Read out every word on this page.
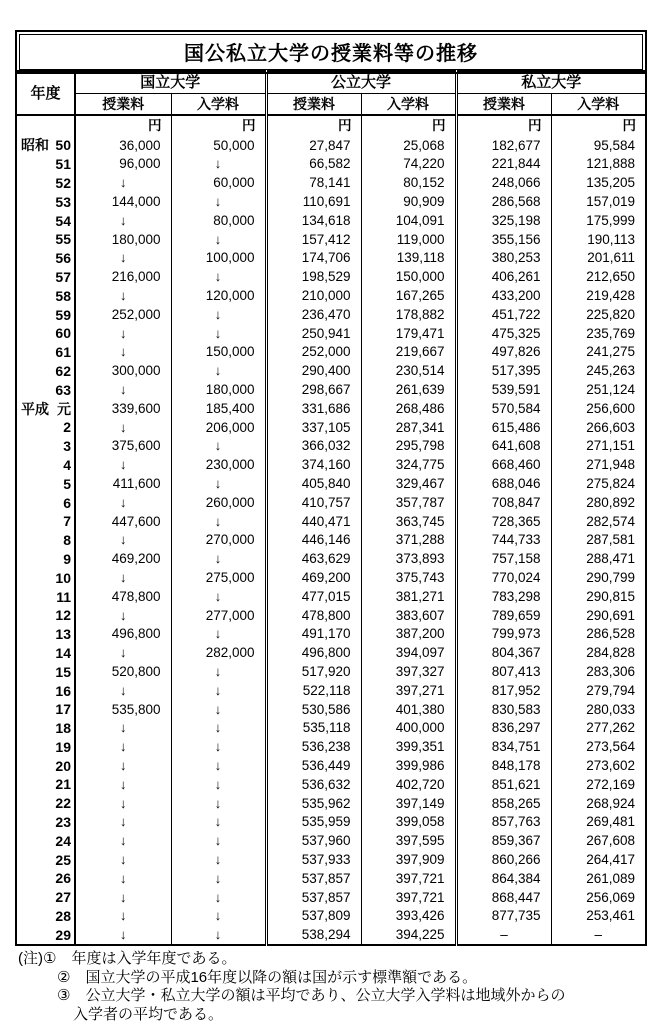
国公私立大学の授業料等の推移
年度	国立大学		公立大学		私立大学	
	授業料	入学料	授業料	入学料	授業料	入学料
	円	円	円	円	円	円

昭和 50	36,000	50,000	27,847	25,068	182,677	95,584

51	96,000	↓	66,582	74,220	221,844	121,888

52	↓	60,000	78,141	80,152	248,066	135,205

53	144,000	↓	110,691	90,909	286,568	157,019

54	↓	80,000	134,618	104,091	325,198	175,999

55	180,000	↓	157,412	119,000	355,156	190,113

56	↓	100,000	174,706	139,118	380,253	201,611

57	216,000	↓	198,529	150,000	406,261	212,650

58	↓	120,000	210,000	167,265	433,200	219,428

59	252,000	↓	236,470	178,882	451,722	225,820

60	↓	↓	250,941	179,471	475,325	235,769

61	↓	150,000	252,000	219,667	497,826	241,275

62	300,000	↓	290,400	230,514	517,395	245,263

63	↓	180,000	298,667	261,639	539,591	251,124

平成 元	339,600	185,400	331,686	268,486	570,584	256,600

2	↓	206,000	337,105	287,341	615,486	266,603

3	375,600	↓	366,032	295,798	641,608	271,151

4	↓	230,000	374,160	324,775	668,460	271,948

5	411,600	↓	405,840	329,467	688,046	275,824

6	↓	260,000	410,757	357,787	708,847	280,892

7	447,600	↓	440,471	363,745	728,365	282,574

8	↓	270,000	446,146	371,288	744,733	287,581

9	469,200	↓	463,629	373,893	757,158	288,471

10	↓	275,000	469,200	375,743	770,024	290,799

11	478,800	↓	477,015	381,271	783,298	290,815

12	↓	277,000	478,800	383,607	789,659	290,691

13	496,800	↓	491,170	387,200	799,973	286,528

14	↓	282,000	496,800	394,097	804,367	284,828

15	520,800	↓	517,920	397,327	807,413	283,306

16	↓	↓	522,118	397,271	817,952	279,794

17	535,800	↓	530,586	401,380	830,583	280,033

18	↓	↓	535,118	400,000	836,297	277,262

19	↓	↓	536,238	399,351	834,751	273,564

20	↓	↓	536,449	399,986	848,178	273,602

21	↓	↓	536,632	402,720	851,621	272,169

22	↓	↓	535,962	397,149	858,265	268,924

23	↓	↓	535,959	399,058	857,763	269,481

24	↓	↓	537,960	397,595	859,367	267,608

25	↓	↓	537,933	397,909	860,266	264,417

26	↓	↓	537,857	397,721	864,384	261,089

27	↓	↓	537,857	397,721	868,447	256,069

28	↓	↓	537,809	393,426	877,735	253,461

29	↓	↓	538,294	394,225	–	–
(注)①　年度は入学年度である。
②　国立大学の平成16年度以降の額は国が示す標準額である。
③　公立大学・私立大学の額は平均であり、公立大学入学料は地域外からの
入学者の平均である。
